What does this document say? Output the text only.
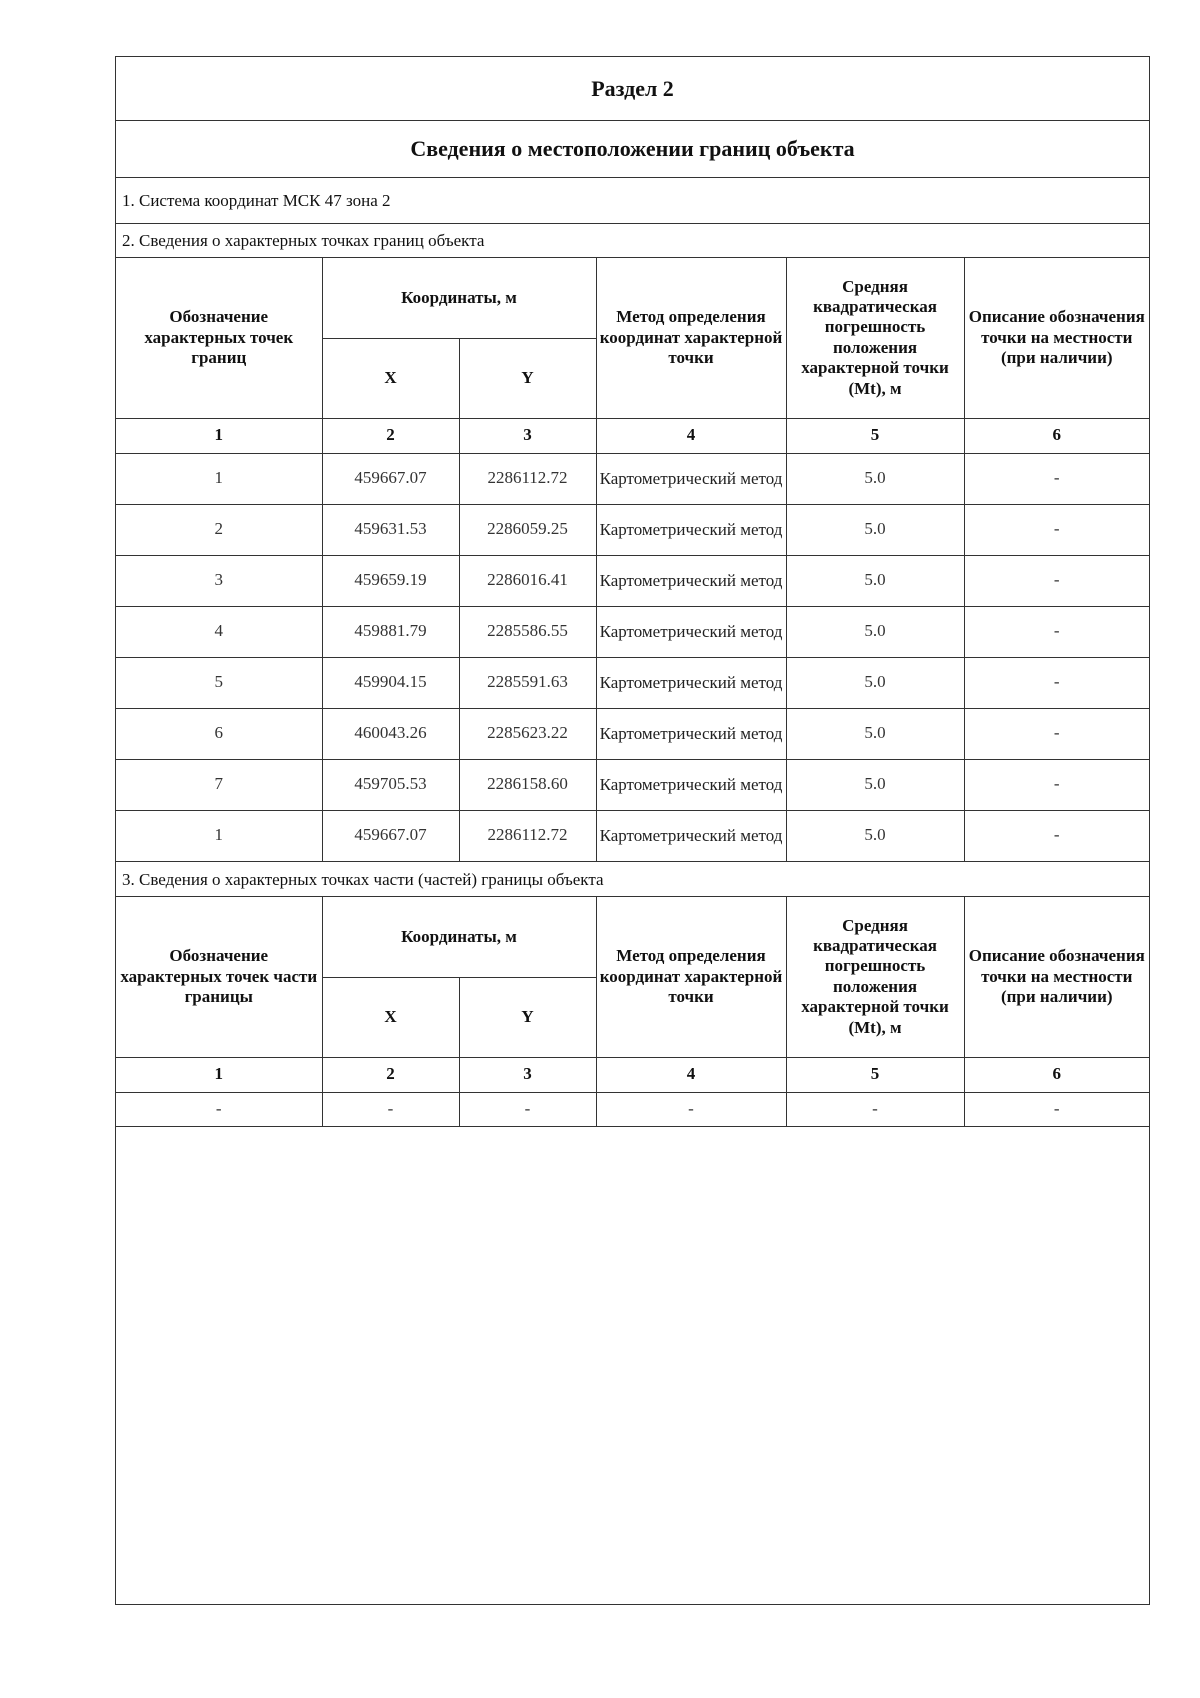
Раздел 2
Сведения о местоположении границ объекта
1. Система координат МСК 47 зона 2
2. Сведения о характерных точках границ объекта
Обозначение характерных точек границ	Координаты, м		Метод определения координат характерной точки	Средняя квадратическая погрешность положения характерной точки (Mt), м	Описание обозначения точки на местности (при наличии)
	X	Y			
1	2	3	4	5	6
1	459667.07	2286112.72	Картометрический метод	5.0	-
2	459631.53	2286059.25	Картометрический метод	5.0	-
3	459659.19	2286016.41	Картометрический метод	5.0	-
4	459881.79	2285586.55	Картометрический метод	5.0	-
5	459904.15	2285591.63	Картометрический метод	5.0	-
6	460043.26	2285623.22	Картометрический метод	5.0	-
7	459705.53	2286158.60	Картометрический метод	5.0	-
1	459667.07	2286112.72	Картометрический метод	5.0	-
3. Сведения о характерных точках части (частей) границы объекта
Обозначение характерных точек части границы	Координаты, м		Метод определения координат характерной точки	Средняя квадратическая погрешность положения характерной точки (Mt), м	Описание обозначения точки на местности (при наличии)
	X	Y			
1	2	3	4	5	6
-	-	-	-	-	-
